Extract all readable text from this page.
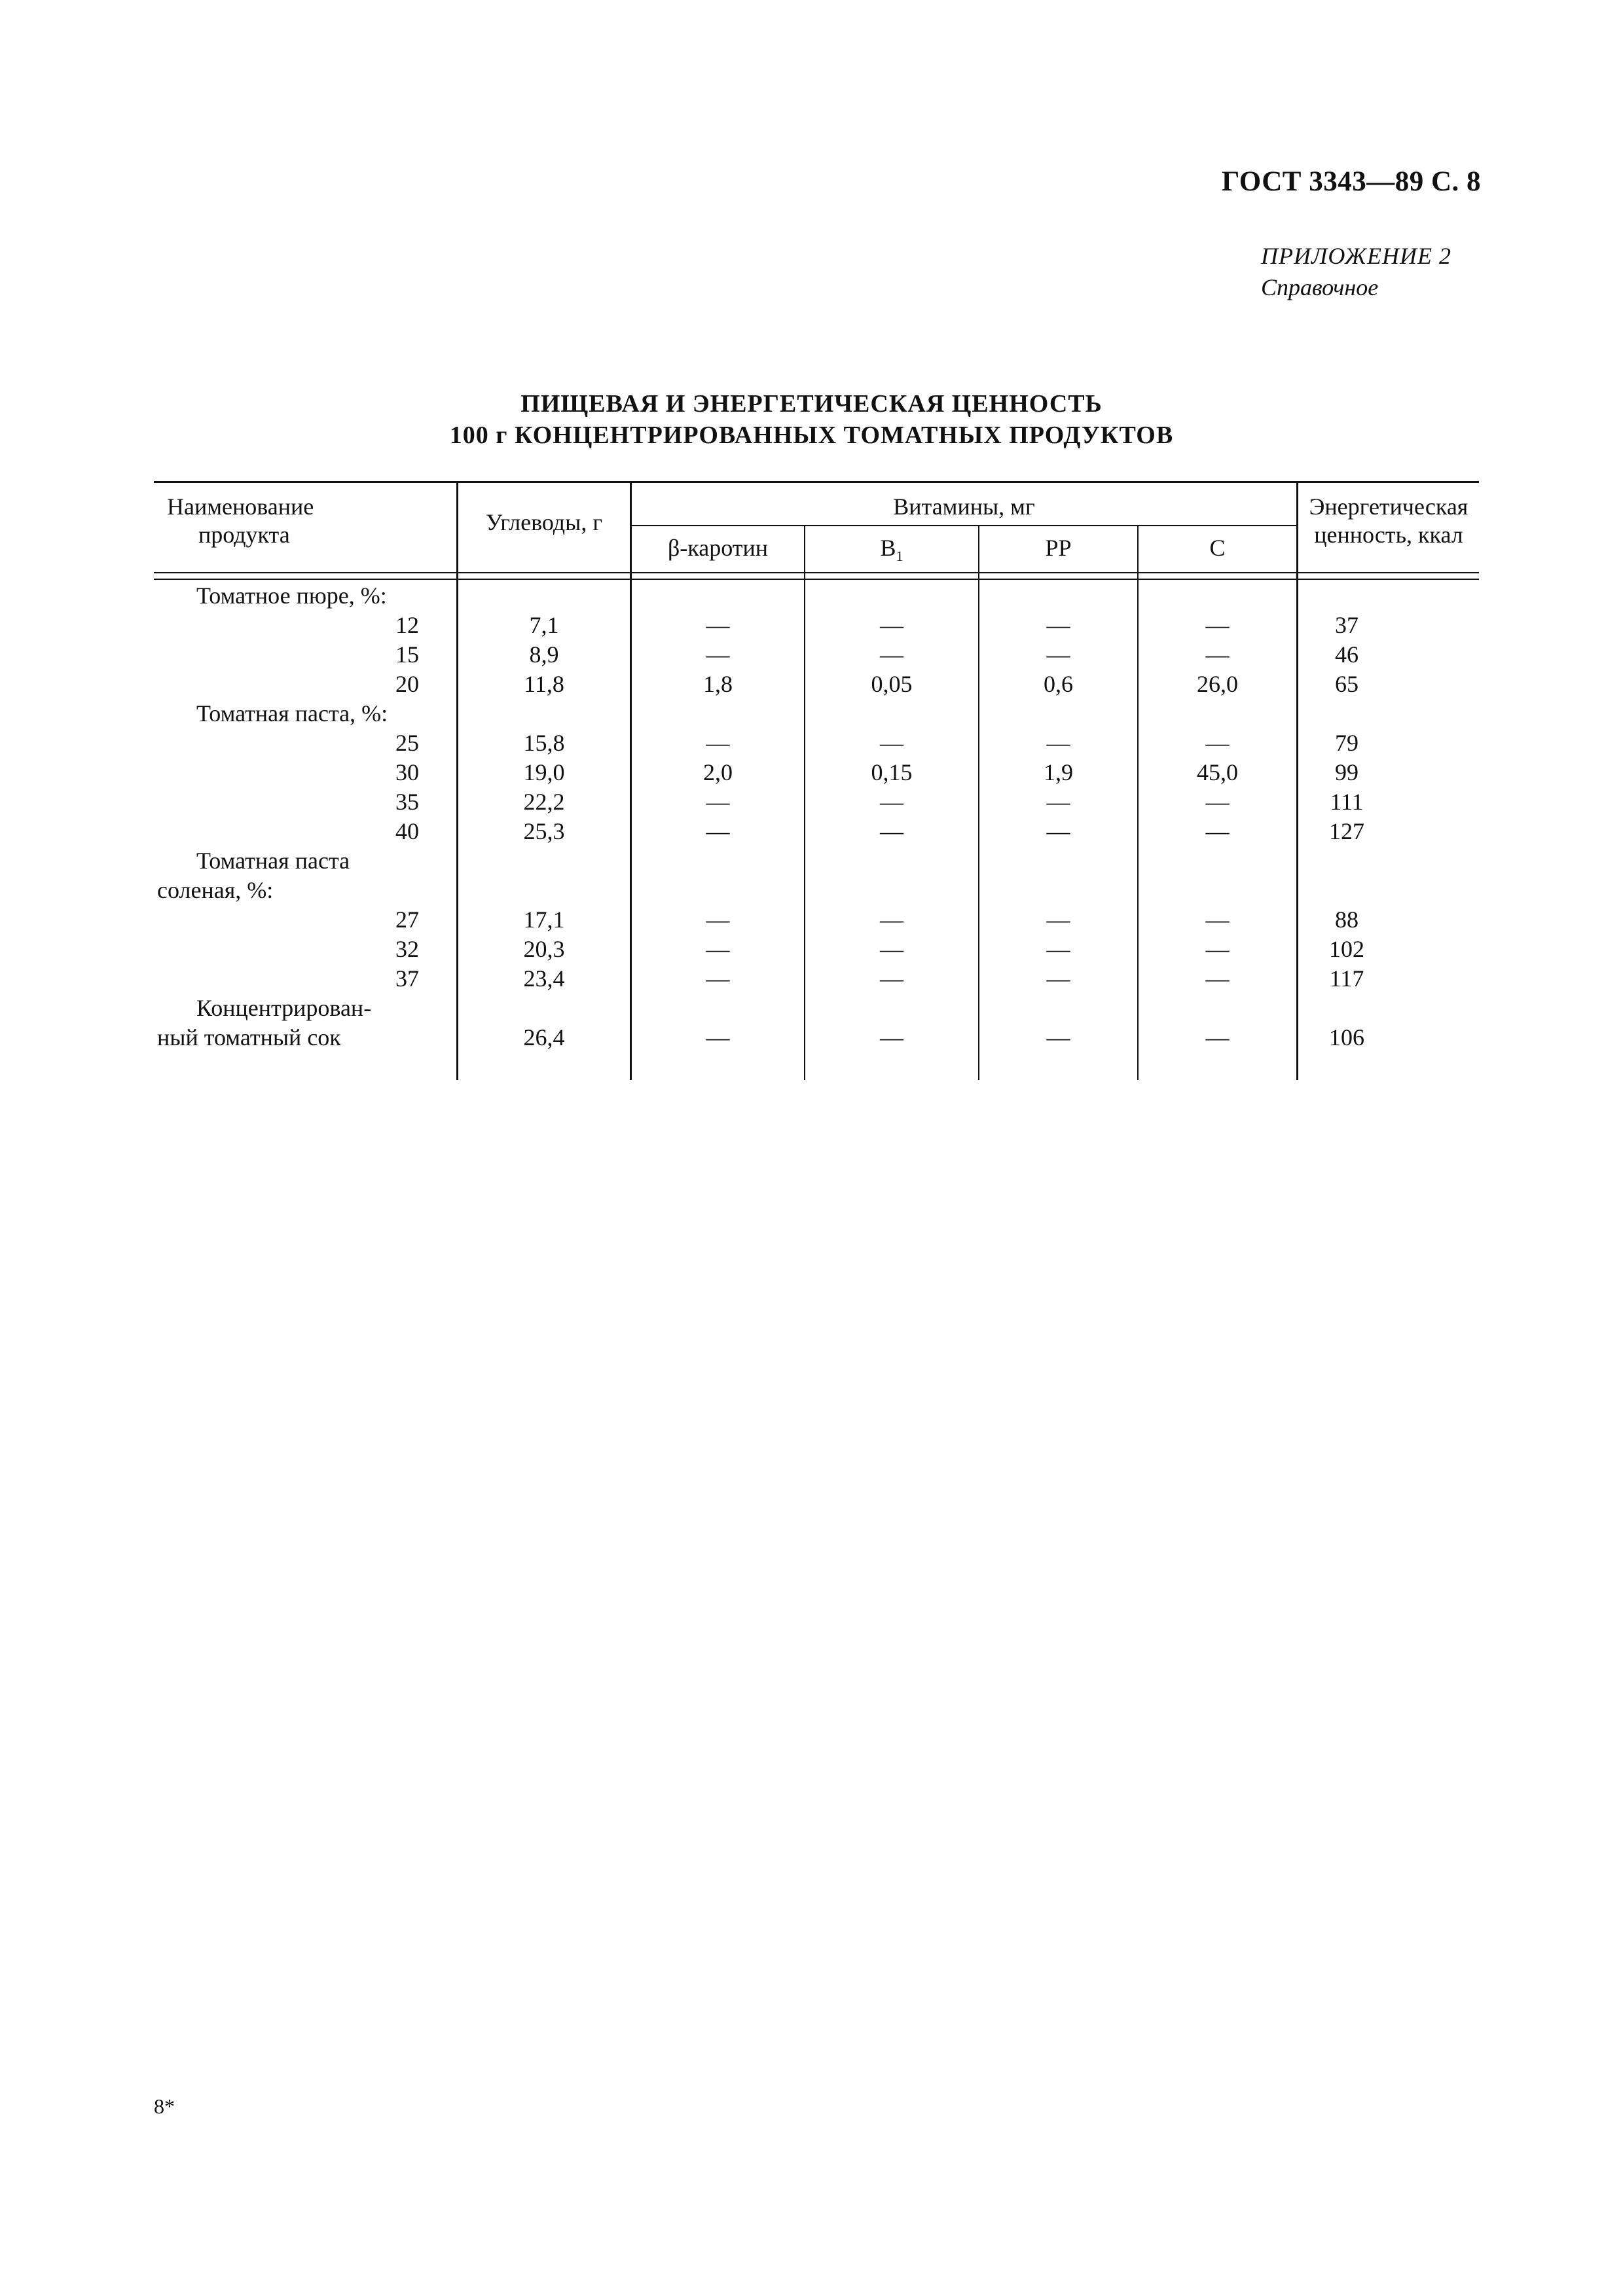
ГОСТ 3343—89 С. 8
ПРИЛОЖЕНИЕ 2
Справочное
ПИЩЕВАЯ И ЭНЕРГЕТИЧЕСКАЯ ЦЕННОСТЬ
100 г КОНЦЕНТРИРОВАННЫХ ТОМАТНЫХ ПРОДУКТОВ
Наименование
продукта	Углеводы, г
Витамины, мг
β-каротин	$B_1$	PP	C
Энергетическая
ценность, ккал
Томатное пюре, %:
12	7,1	—	—	—	—	37
15	8,9	—	—	—	—	46
20	11,8	1,8	0,05	0,6	26,0	65
Томатная паста, %:
25	15,8	—	—	—	—	79
30	19,0	2,0	0,15	1,9	45,0	99
35	22,2	—	—	—	—	111
40	25,3	—	—	—	—	127
Томатная паста
соленая, %:
27	17,1	—	—	—	—	88
32	20,3	—	—	—	—	102
37	23,4	—	—	—	—	117
Концентрирован-
ный томатный сок	26,4	—	—	—	—	106
8*
